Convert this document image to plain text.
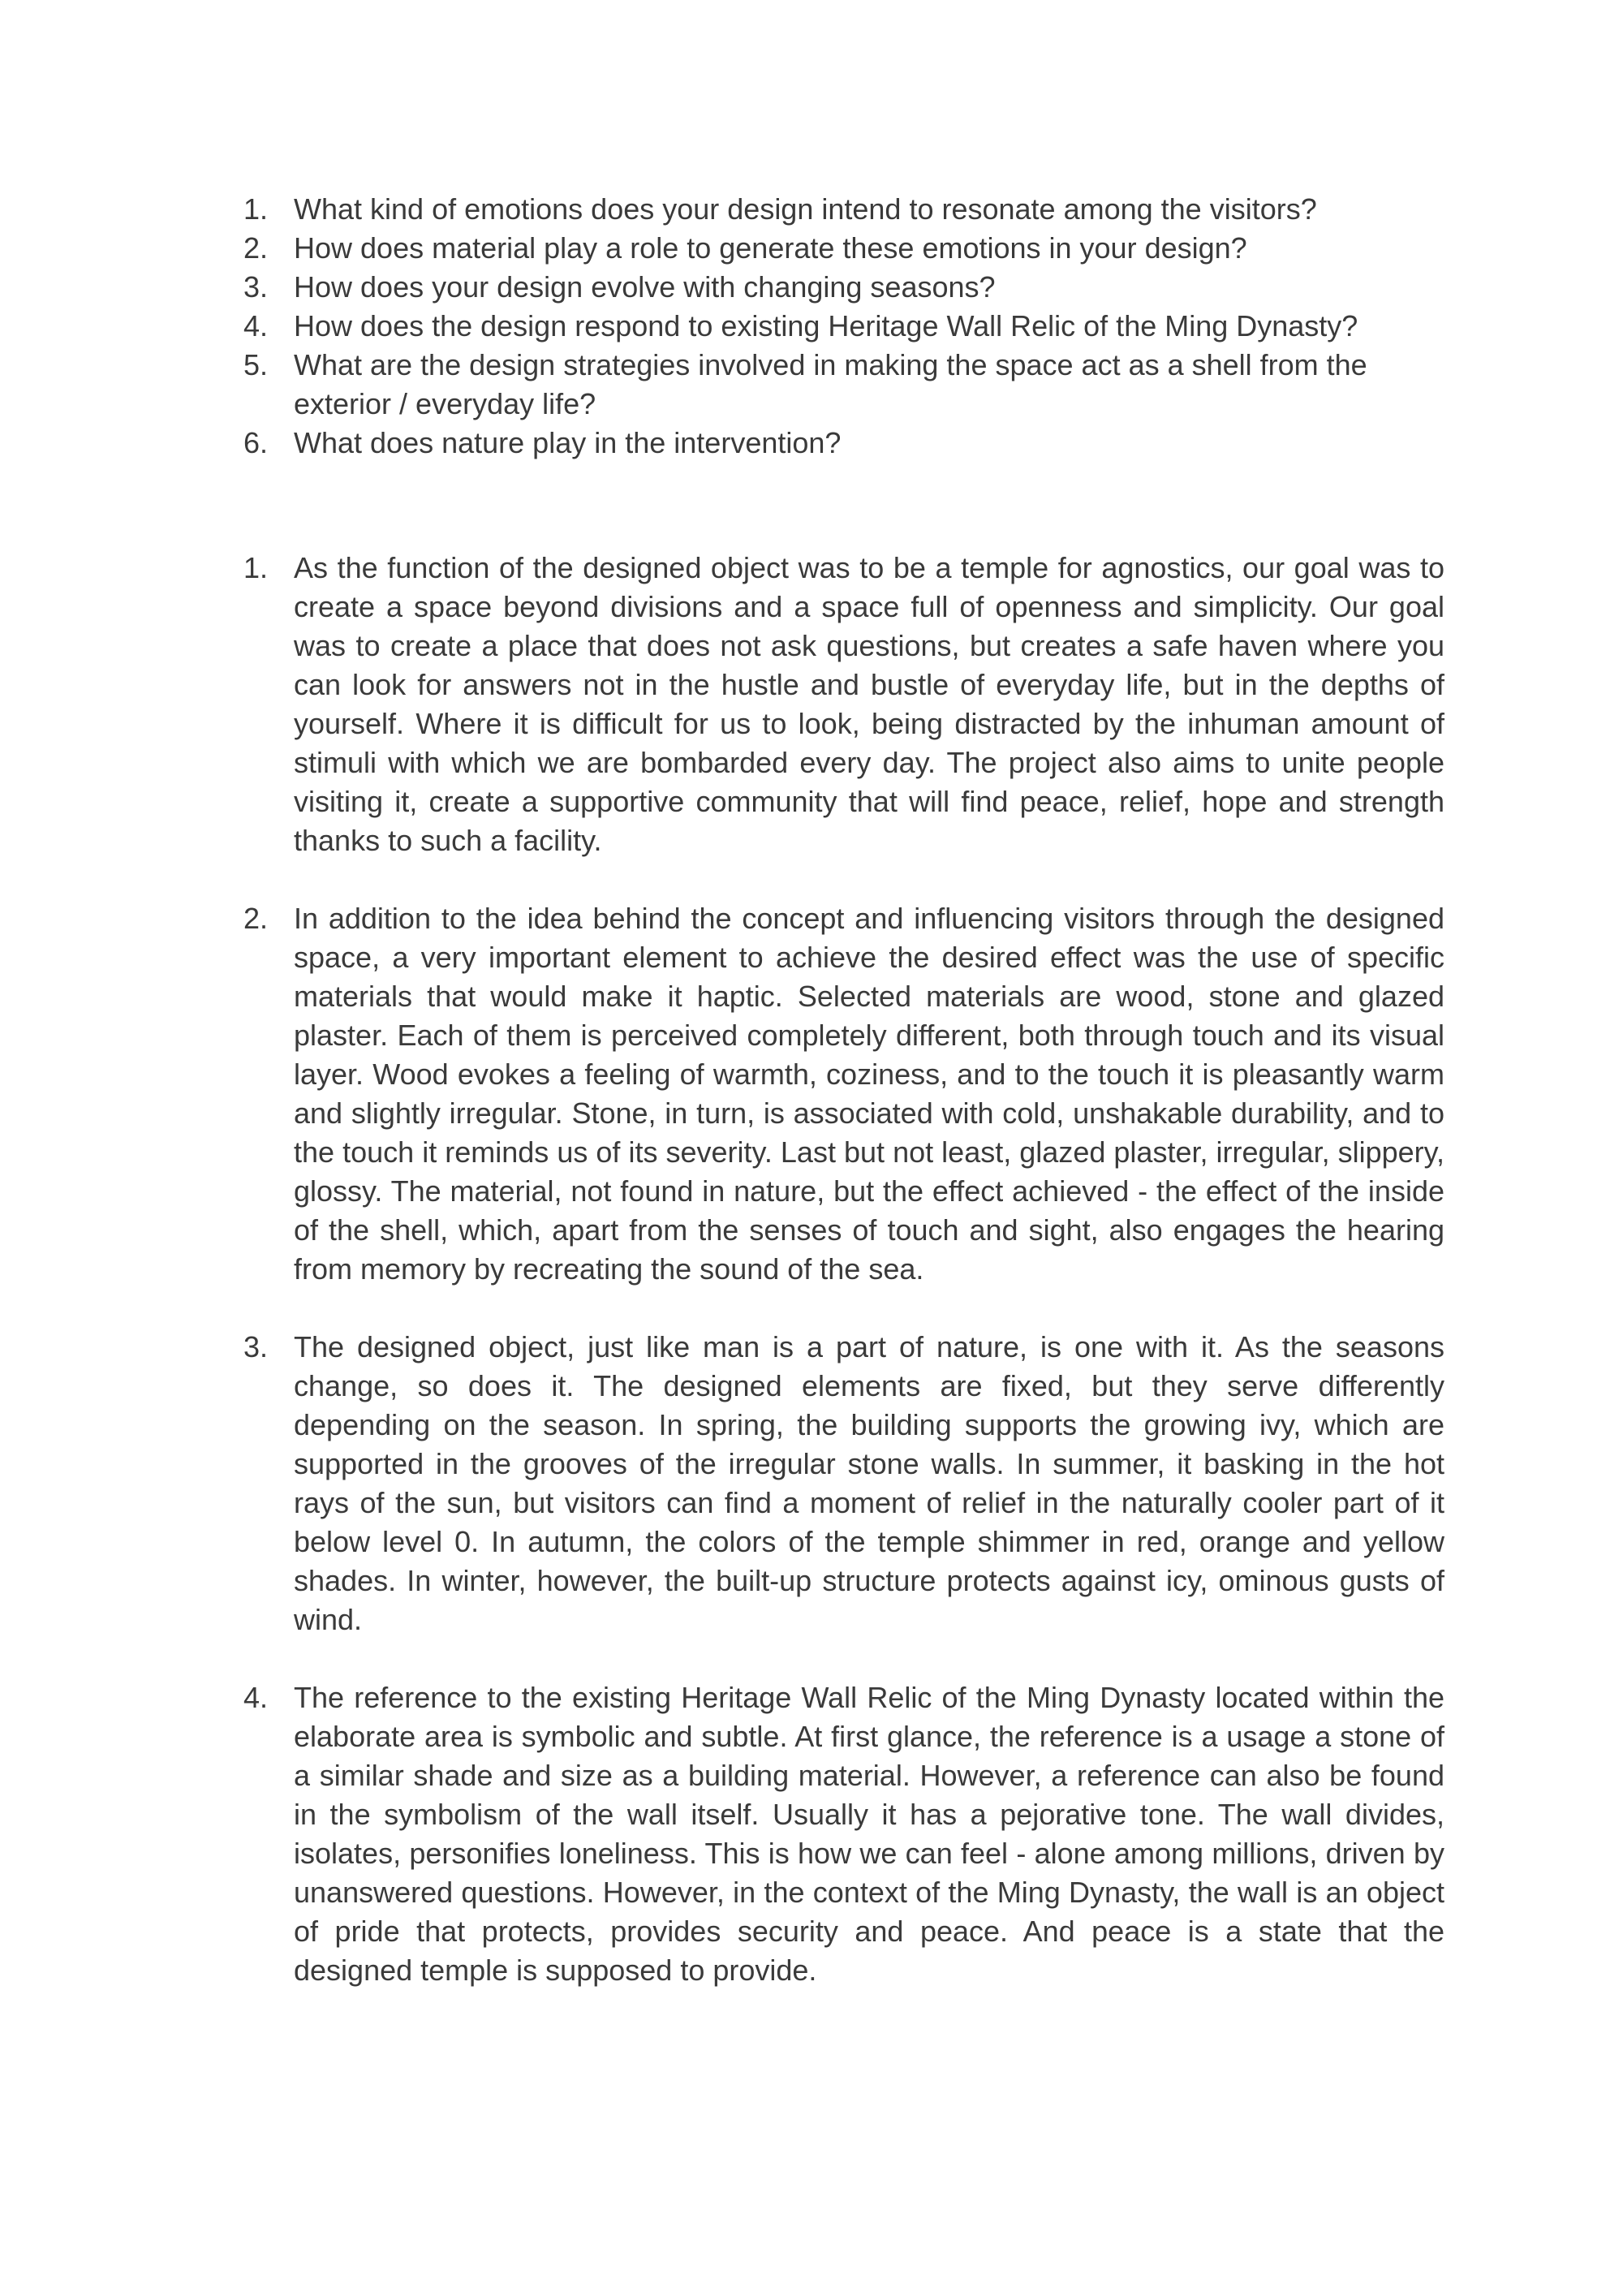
1. What kind of emotions does your design intend to resonate among the visitors?
2. How does material play a role to generate these emotions in your design?
3. How does your design evolve with changing seasons?
4. How does the design respond to existing Heritage Wall Relic of the Ming Dynasty?
5. What are the design strategies involved in making the space act as a shell from the exterior / everyday life?
6. What does nature play in the intervention?
1. As the function of the designed object was to be a temple for agnostics, our goal was to create a space beyond divisions and a space full of openness and simplicity. Our goal was to create a place that does not ask questions, but creates a safe haven where you can look for answers not in the hustle and bustle of everyday life, but in the depths of yourself. Where it is difficult for us to look, being distracted by the inhuman amount of stimuli with which we are bombarded every day. The project also aims to unite people visiting it, create a supportive community that will find peace, relief, hope and strength thanks to such a facility.
2. In addition to the idea behind the concept and influencing visitors through the designed space, a very important element to achieve the desired effect was the use of specific materials that would make it haptic. Selected materials are wood, stone and glazed plaster. Each of them is perceived completely different, both through touch and its visual layer. Wood evokes a feeling of warmth, coziness, and to the touch it is pleasantly warm and slightly irregular. Stone, in turn, is associated with cold, unshakable durability, and to the touch it reminds us of its severity. Last but not least, glazed plaster, irregular, slippery, glossy. The material, not found in nature, but the effect achieved - the effect of the inside of the shell, which, apart from the senses of touch and sight, also engages the hearing from memory by recreating the sound of the sea.
3. The designed object, just like man is a part of nature, is one with it. As the seasons change, so does it. The designed elements are fixed, but they serve differently depending on the season. In spring, the building supports the growing ivy, which are supported in the grooves of the irregular stone walls. In summer, it basking in the hot rays of the sun, but visitors can find a moment of relief in the naturally cooler part of it below level 0. In autumn, the colors of the temple shimmer in red, orange and yellow shades. In winter, however, the built-up structure protects against icy, ominous gusts of wind.
4. The reference to the existing Heritage Wall Relic of the Ming Dynasty located within the elaborate area is symbolic and subtle. At first glance, the reference is a usage a stone of a similar shade and size as a building material. However, a reference can also be found in the symbolism of the wall itself. Usually it has a pejorative tone. The wall divides, isolates, personifies loneliness. This is how we can feel - alone among millions, driven by unanswered questions. However, in the context of the Ming Dynasty, the wall is an object of pride that protects, provides security and peace. And peace is a state that the designed temple is supposed to provide.
